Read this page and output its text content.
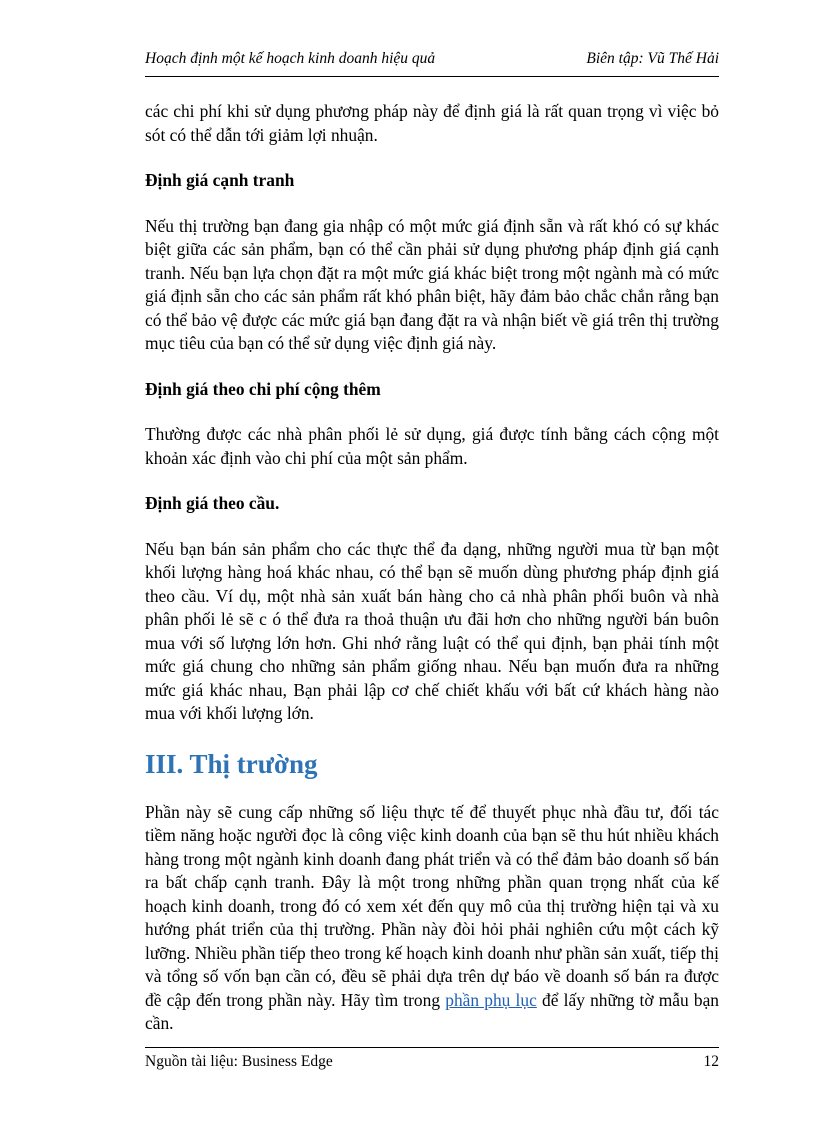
Hoạch định một kế hoạch kinh doanh hiệu quả	Biên tập: Vũ Thế Hải

các chi phí khi sử dụng phương pháp này để định giá là rất quan trọng vì việc bỏ sót có thể dẫn tới giảm lợi nhuận.

Định giá cạnh tranh

Nếu thị trường bạn đang gia nhập có một mức giá định sẵn và rất khó có sự khác biệt giữa các sản phẩm, bạn có thể cần phải sử dụng phương pháp định giá cạnh tranh. Nếu bạn lựa chọn đặt ra một mức giá khác biệt trong một ngành mà có mức giá định sẵn cho các sản phẩm rất khó phân biệt, hãy đảm bảo chắc chắn rằng bạn có thể bảo vệ được các mức giá bạn đang đặt ra và nhận biết về giá trên thị trường mục tiêu của bạn có thể sử dụng việc định giá này.

Định giá theo chi phí cộng thêm

Thường được các nhà phân phối lẻ sử dụng, giá được tính bằng cách cộng một khoản xác định vào chi phí của một sản phẩm.

Định giá theo cầu.

Nếu bạn bán sản phẩm cho các thực thể đa dạng, những người mua từ bạn một khối lượng hàng hoá khác nhau, có thể bạn sẽ muốn dùng phương pháp định giá theo cầu. Ví dụ, một nhà sản xuất bán hàng cho cả nhà phân phối buôn và nhà phân phối lẻ sẽ c ó thể đưa ra thoả thuận ưu đãi hơn cho những người bán buôn mua với số lượng lớn hơn. Ghi nhớ rằng luật có thể qui định, bạn phải tính một mức giá chung cho những sản phẩm giống nhau. Nếu bạn muốn đưa ra những mức giá khác nhau, Bạn phải lập cơ chế chiết khấu với bất cứ khách hàng nào mua với khối lượng lớn.

III. Thị trường

Phần này sẽ cung cấp những số liệu thực tế để thuyết phục nhà đầu tư, đối tác tiềm năng hoặc người đọc là công việc kinh doanh của bạn sẽ thu hút nhiều khách hàng trong một ngành kinh doanh đang phát triển và có thể đảm bảo doanh số bán ra bất chấp cạnh tranh. Đây là một trong những phần quan trọng nhất của kế hoạch kinh doanh, trong đó có xem xét đến quy mô của thị trường hiện tại và xu hướng phát triển của thị trường. Phần này đòi hỏi phải nghiên cứu một cách kỹ lưỡng. Nhiều phần tiếp theo trong kế hoạch kinh doanh như phần sản xuất, tiếp thị và tổng số vốn bạn cần có, đều sẽ phải dựa trên dự báo về doanh số bán ra được đề cập đến trong phần này. Hãy tìm trong phần phụ lục để lấy những tờ mẫu bạn cần.

Nguồn tài liệu: Business Edge	12
